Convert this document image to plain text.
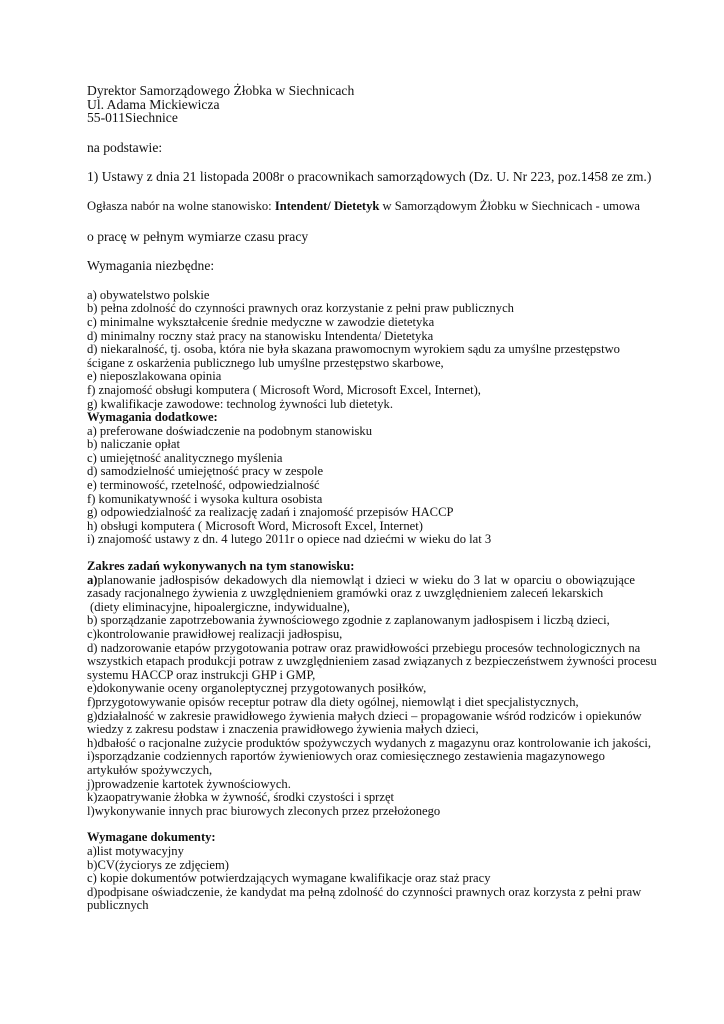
Dyrektor Samorządowego Żłobka w Siechnicach
Ul. Adama Mickiewicza
55-011Siechnice
na podstawie:
1) Ustawy z dnia 21 listopada 2008r o pracownikach samorządowych (Dz. U. Nr 223, poz.1458 ze zm.)
Ogłasza nabór na wolne stanowisko: Intendent/ Dietetyk w Samorządowym Żłobku w Siechnicach - umowa
o pracę w pełnym wymiarze czasu pracy
Wymagania niezbędne:
a) obywatelstwo polskie
b) pełna zdolność do czynności prawnych oraz korzystanie z pełni praw publicznych
c) minimalne wykształcenie średnie medyczne w zawodzie dietetyka
d) minimalny roczny staż pracy na stanowisku Intendenta/ Dietetyka
d) niekaralność, tj. osoba, która nie była skazana prawomocnym wyrokiem sądu za umyślne przestępstwo
ścigane z oskarżenia publicznego lub umyślne przestępstwo skarbowe,
e) nieposzlakowana opinia
f) znajomość obsługi komputera ( Microsoft Word, Microsoft Excel, Internet),
g) kwalifikacje zawodowe: technolog żywności lub dietetyk.
Wymagania dodatkowe:
a) preferowane doświadczenie na podobnym stanowisku
b) naliczanie opłat
c) umiejętność analitycznego myślenia
d) samodzielność umiejętność pracy w zespole
e) terminowość, rzetelność, odpowiedzialność
f) komunikatywność i wysoka kultura osobista
g) odpowiedzialność za realizację zadań i znajomość przepisów HACCP
h) obsługi komputera ( Microsoft Word, Microsoft Excel, Internet)
i) znajomość ustawy z dn. 4 lutego 2011r o opiece nad dziećmi w wieku do lat 3
Zakres zadań wykonywanych na tym stanowisku:
a)planowanie jadłospisów dekadowych dla niemowląt i dzieci w wieku do 3 lat w oparciu o obowiązujące
zasady racjonalnego żywienia z uwzględnieniem gramówki oraz z uwzględnieniem zaleceń lekarskich
(diety eliminacyjne, hipoalergiczne, indywidualne),
b) sporządzanie zapotrzebowania żywnościowego zgodnie z zaplanowanym jadłospisem i liczbą dzieci,
c)kontrolowanie prawidłowej realizacji jadłospisu,
d) nadzorowanie etapów przygotowania potraw oraz prawidłowości przebiegu procesów technologicznych na
wszystkich etapach produkcji potraw z uwzględnieniem zasad związanych z bezpieczeństwem żywności procesu
systemu HACCP oraz instrukcji GHP i GMP,
e)dokonywanie oceny organoleptycznej przygotowanych posiłków,
f)przygotowywanie opisów receptur potraw dla diety ogólnej, niemowląt i diet specjalistycznych,
g)działalność w zakresie prawidłowego żywienia małych dzieci – propagowanie wśród rodziców i opiekunów
wiedzy z zakresu podstaw i znaczenia prawidłowego żywienia małych dzieci,
h)dbałość o racjonalne zużycie produktów spożywczych wydanych z magazynu oraz kontrolowanie ich jakości,
i)sporządzanie codziennych raportów żywieniowych oraz comiesięcznego zestawienia magazynowego
artykułów spożywczych,
j)prowadzenie kartotek żywnościowych.
k)zaopatrywanie żłobka w żywność, środki czystości i sprzęt
l)wykonywanie innych prac biurowych zleconych przez przełożonego
Wymagane dokumenty:
a)list motywacyjny
b)CV(życiorys ze zdjęciem)
c) kopie dokumentów potwierdzających wymagane kwalifikacje oraz staż pracy
d)podpisane oświadczenie, że kandydat ma pełną zdolność do czynności prawnych oraz korzysta z pełni praw
publicznych
